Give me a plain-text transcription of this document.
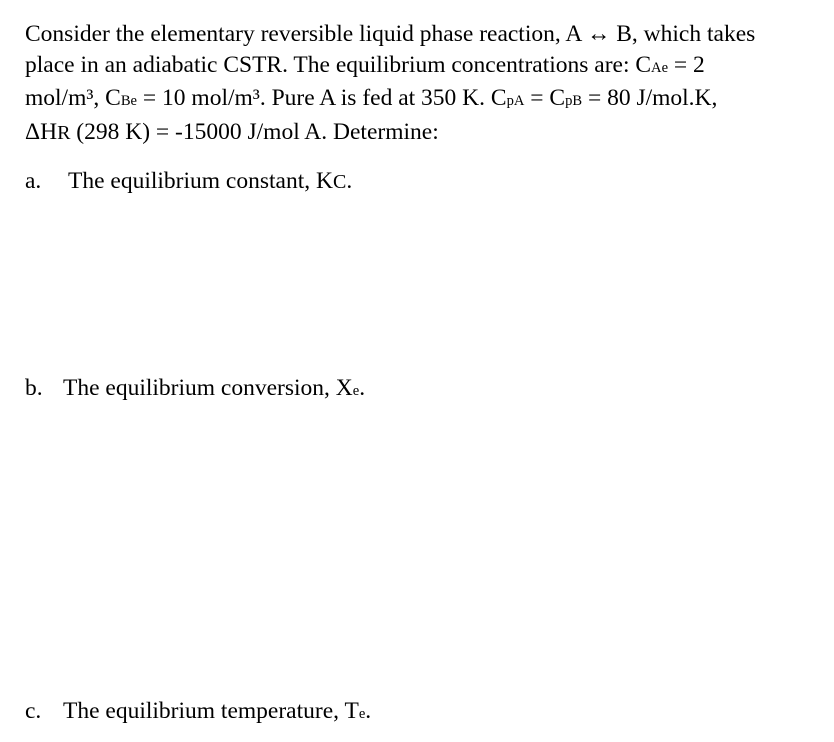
Consider the elementary reversible liquid phase reaction, A ↔ B, which takes
place in an adiabatic CSTR. The equilibrium concentrations are: CAe = 2
mol/m³, CBe = 10 mol/m³. Pure A is fed at 350 K. CpA = CpB = 80 J/mol.K,
ΔHR (298 K) = -15000 J/mol A. Determine:
a. The equilibrium constant, KC.
b. The equilibrium conversion, Xe.
c. The equilibrium temperature, Te.
